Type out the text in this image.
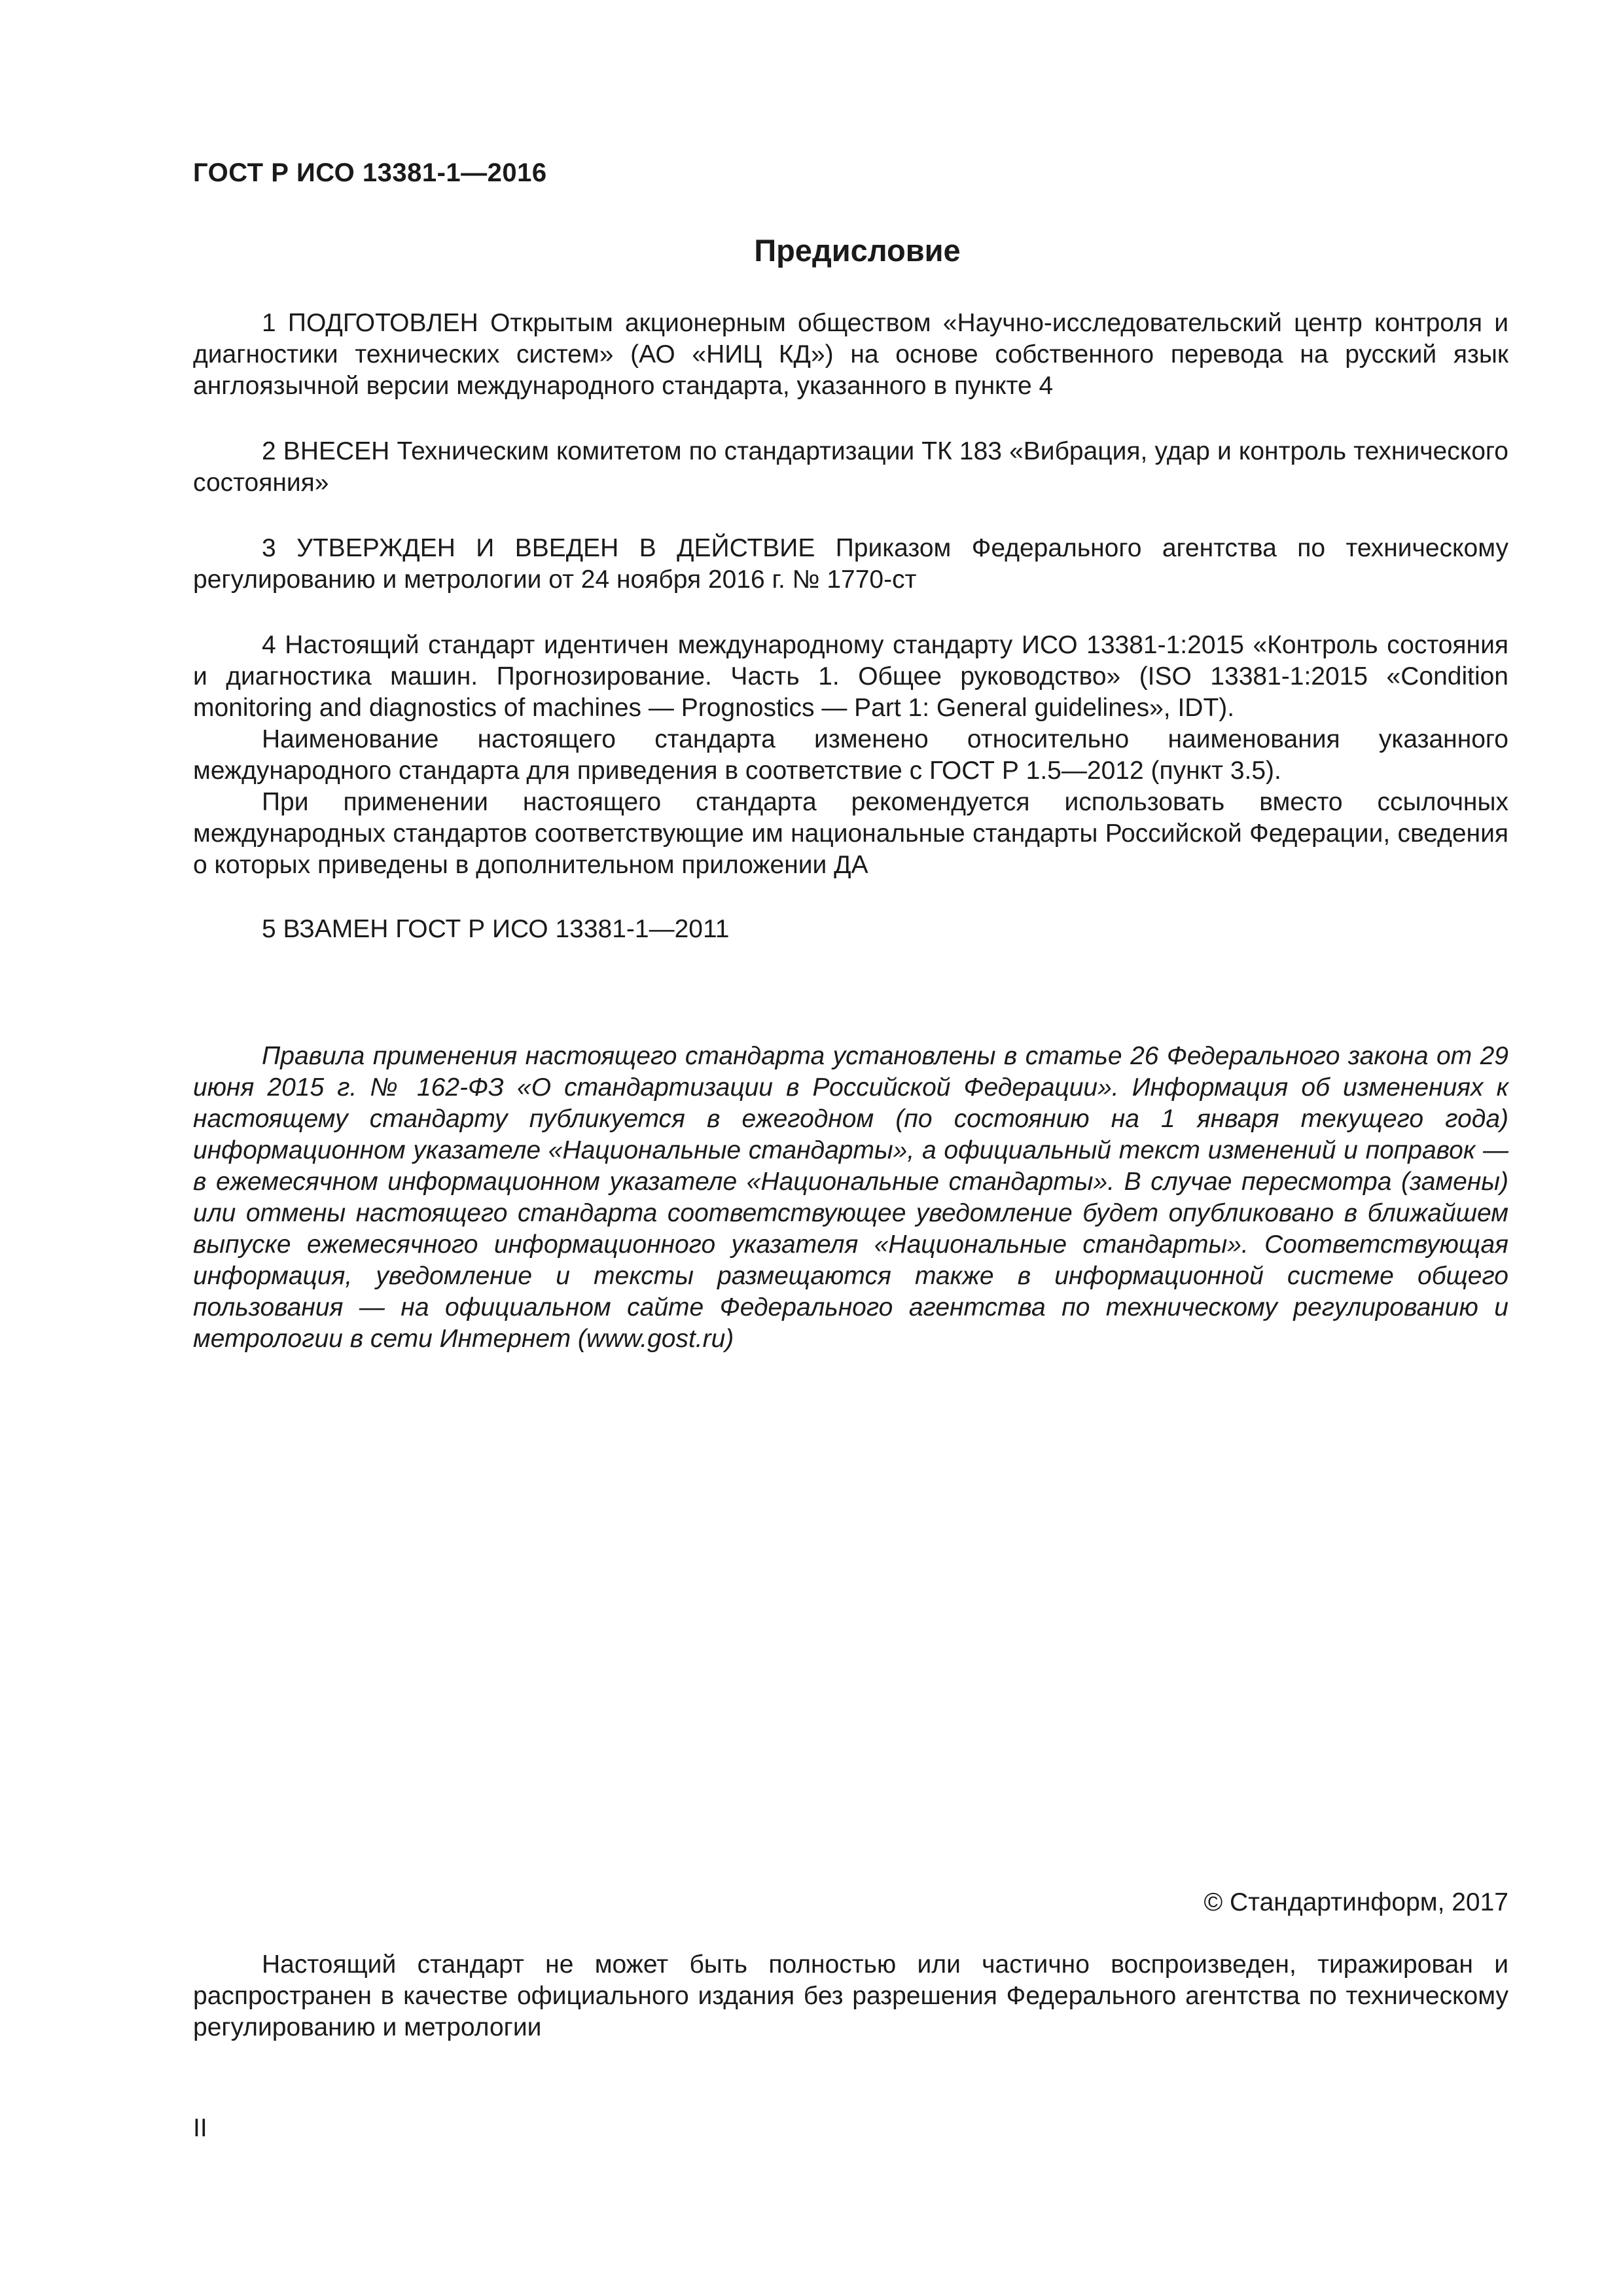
ГОСТ Р ИСО 13381-1—2016
Предисловие

1 ПОДГОТОВЛЕН Открытым акционерным обществом «Научно-исследовательский центр контроля и диагностики технических систем» (АО «НИЦ КД») на основе собственного перевода на русский язык англоязычной версии международного стандарта, указанного в пункте 4

2 ВНЕСЕН Техническим комитетом по стандартизации ТК 183 «Вибрация, удар и контроль технического состояния»

3 УТВЕРЖДЕН И ВВЕДЕН В ДЕЙСТВИЕ Приказом Федерального агентства по техническому регулированию и метрологии от 24 ноября 2016 г. № 1770-ст

4 Настоящий стандарт идентичен международному стандарту ИСО 13381-1:2015 «Контроль состояния и диагностика машин. Прогнозирование. Часть 1. Общее руководство» (ISO 13381-1:2015 «Condition monitoring and diagnostics of machines — Prognostics — Part 1: General guidelines», IDT).

Наименование настоящего стандарта изменено относительно наименования указанного международного стандарта для приведения в соответствие с ГОСТ Р 1.5—2012 (пункт 3.5).

При применении настоящего стандарта рекомендуется использовать вместо ссылочных международных стандартов соответствующие им национальные стандарты Российской Федерации, сведения о которых приведены в дополнительном приложении ДА

5 ВЗАМЕН ГОСТ Р ИСО 13381-1—2011

Правила применения настоящего стандарта установлены в статье 26 Федерального закона от 29 июня 2015 г. № 162-ФЗ «О стандартизации в Российской Федерации». Информация об изменениях к настоящему стандарту публикуется в ежегодном (по состоянию на 1 января текущего года) информационном указателе «Национальные стандарты», а официальный текст изменений и поправок — в ежемесячном информационном указателе «Национальные стандарты». В случае пересмотра (замены) или отмены настоящего стандарта соответствующее уведомление будет опубликовано в ближайшем выпуске ежемесячного информационного указателя «Национальные стандарты». Соответствующая информация, уведомление и тексты размещаются также в информационной системе общего пользования — на официальном сайте Федерального агентства по техническому регулированию и метрологии в сети Интернет (www.gost.ru)

© Стандартинформ, 2017

Настоящий стандарт не может быть полностью или частично воспроизведен, тиражирован и распространен в качестве официального издания без разрешения Федерального агентства по техническому регулированию и метрологии

II
